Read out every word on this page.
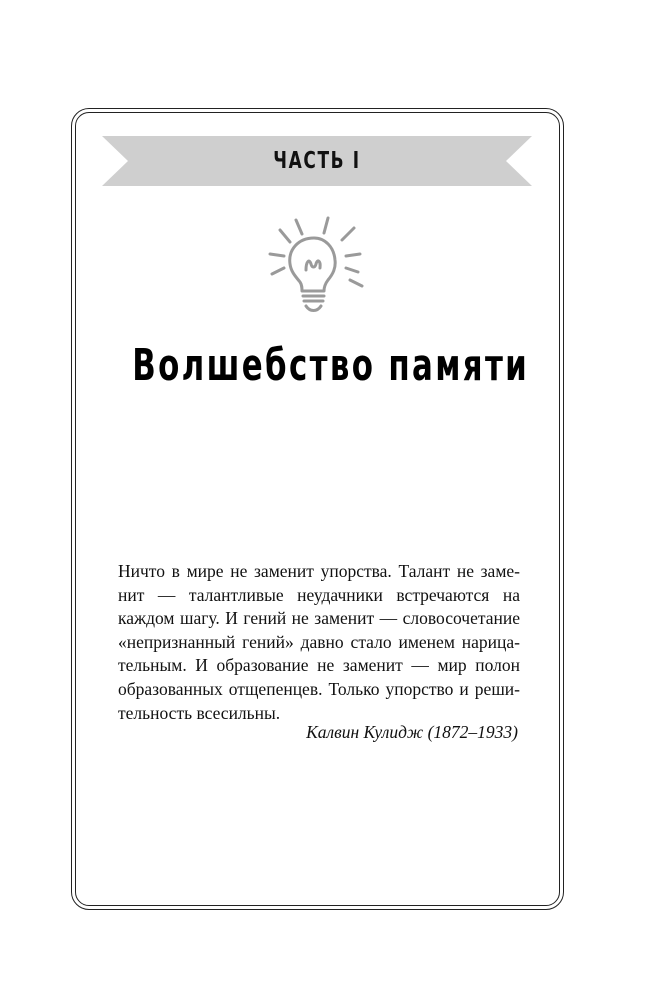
ЧАСТЬ I
Волшебство памяти
Ничто в мире не заменит упорства. Талант не заме-
нит — талантливые неудачники встречаются на
каждом шагу. И гений не заменит — словосочетание
«непризнанный гений» давно стало именем нарица-
тельным. И образование не заменит — мир полон
образованных отщепенцев. Только упорство и реши-
тельность всесильны.
Калвин Кулидж (1872–1933)
